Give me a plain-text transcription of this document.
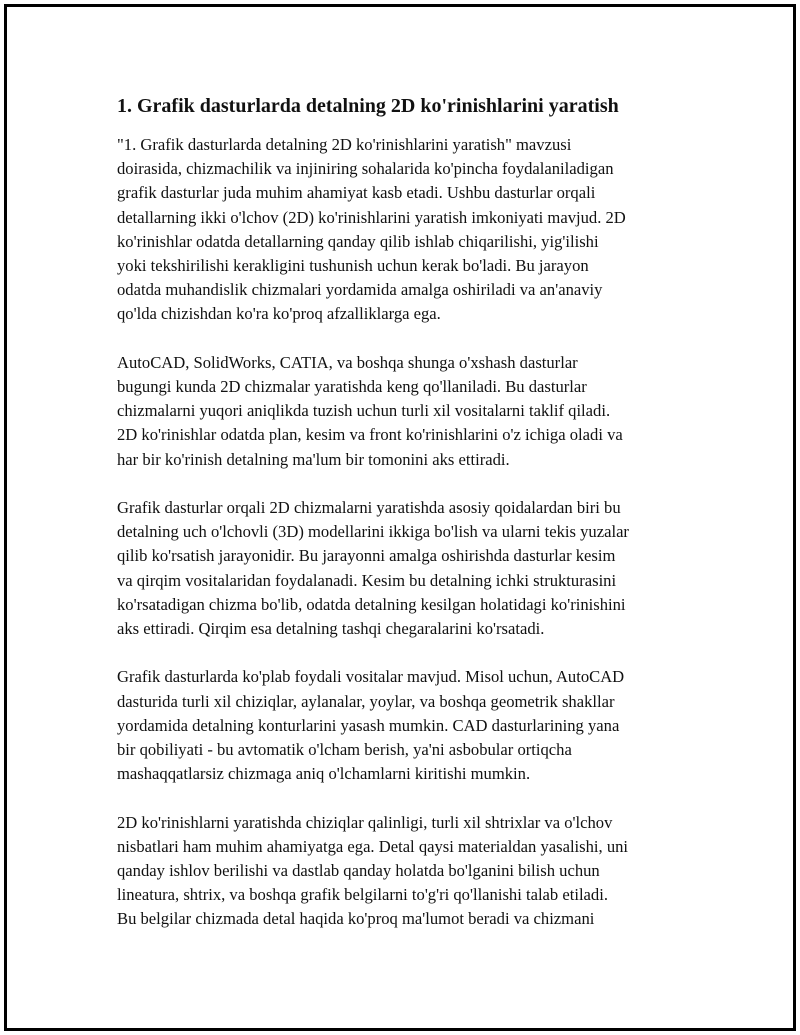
1. Grafik dasturlarda detalning 2D ko'rinishlarini yaratish
"1. Grafik dasturlarda detalning 2D ko'rinishlarini yaratish" mavzusi
doirasida, chizmachilik va injiniring sohalarida ko'pincha foydalaniladigan
grafik dasturlar juda muhim ahamiyat kasb etadi. Ushbu dasturlar orqali
detallarning ikki o'lchov (2D) ko'rinishlarini yaratish imkoniyati mavjud. 2D
ko'rinishlar odatda detallarning qanday qilib ishlab chiqarilishi, yig'ilishi
yoki tekshirilishi kerakligini tushunish uchun kerak bo'ladi. Bu jarayon
odatda muhandislik chizmalari yordamida amalga oshiriladi va an'anaviy
qo'lda chizishdan ko'ra ko'proq afzalliklarga ega.
AutoCAD, SolidWorks, CATIA, va boshqa shunga o'xshash dasturlar
bugungi kunda 2D chizmalar yaratishda keng qo'llaniladi. Bu dasturlar
chizmalarni yuqori aniqlikda tuzish uchun turli xil vositalarni taklif qiladi.
2D ko'rinishlar odatda plan, kesim va front ko'rinishlarini o'z ichiga oladi va
har bir ko'rinish detalning ma'lum bir tomonini aks ettiradi.
Grafik dasturlar orqali 2D chizmalarni yaratishda asosiy qoidalardan biri bu
detalning uch o'lchovli (3D) modellarini ikkiga bo'lish va ularni tekis yuzalar
qilib ko'rsatish jarayonidir. Bu jarayonni amalga oshirishda dasturlar kesim
va qirqim vositalaridan foydalanadi. Kesim bu detalning ichki strukturasini
ko'rsatadigan chizma bo'lib, odatda detalning kesilgan holatidagi ko'rinishini
aks ettiradi. Qirqim esa detalning tashqi chegaralarini ko'rsatadi.
Grafik dasturlarda ko'plab foydali vositalar mavjud. Misol uchun, AutoCAD
dasturida turli xil chiziqlar, aylanalar, yoylar, va boshqa geometrik shakllar
yordamida detalning konturlarini yasash mumkin. CAD dasturlarining yana
bir qobiliyati - bu avtomatik o'lcham berish, ya'ni asbobular ortiqcha
mashaqqatlarsiz chizmaga aniq o'lchamlarni kiritishi mumkin.
2D ko'rinishlarni yaratishda chiziqlar qalinligi, turli xil shtrixlar va o'lchov
nisbatlari ham muhim ahamiyatga ega. Detal qaysi materialdan yasalishi, uni
qanday ishlov berilishi va dastlab qanday holatda bo'lganini bilish uchun
lineatura, shtrix, va boshqa grafik belgilarni to'g'ri qo'llanishi talab etiladi.
Bu belgilar chizmada detal haqida ko'proq ma'lumot beradi va chizmani
